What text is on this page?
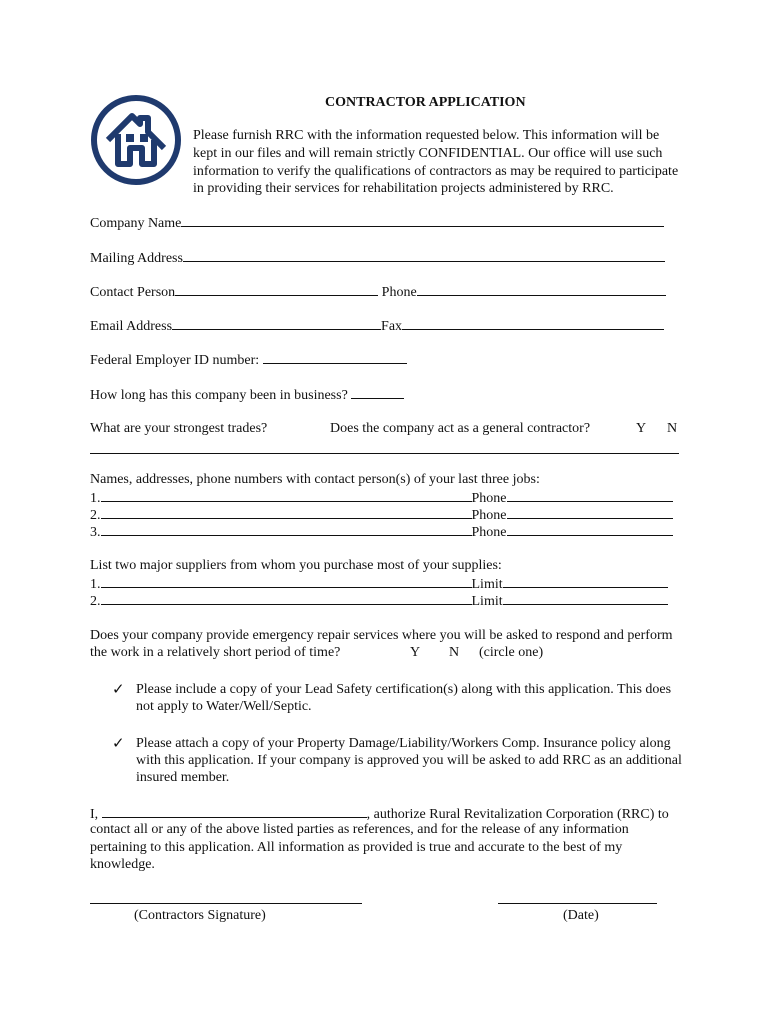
CONTRACTOR APPLICATION
Please furnish RRC with the information requested below. This information will be
kept in our files and will remain strictly CONFIDENTIAL. Our office will use such
information to verify the qualifications of contractors as may be required to participate
in providing their services for rehabilitation projects administered by RRC.
Company Name
Mailing Address
Contact Person	Phone
Email Address	Fax
Federal Employer ID number:
How long has this company been in business?
What are your strongest trades?	Does the company act as a general contractor?	Y N
Names, addresses, phone numbers with contact person(s) of your last three jobs:
1.	Phone
2.	Phone
3.	Phone
List two major suppliers from whom you purchase most of your supplies:
1.	Limit
2.	Limit
Does your company provide emergency repair services where you will be asked to respond and perform
the work in a relatively short period of time?	Y N (circle one)
✓ Please include a copy of your Lead Safety certification(s) along with this application. This does
not apply to Water/Well/Septic.
✓ Please attach a copy of your Property Damage/Liability/Workers Comp. Insurance policy along
with this application. If your company is approved you will be asked to add RRC as an additional
insured member.
I,	, authorize Rural Revitalization Corporation (RRC) to
contact all or any of the above listed parties as references, and for the release of any information
pertaining to this application. All information as provided is true and accurate to the best of my
knowledge.
(Contractors Signature)	(Date)
